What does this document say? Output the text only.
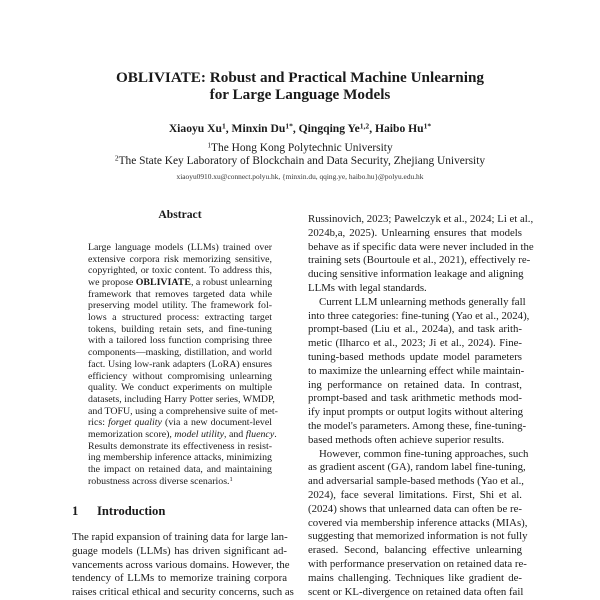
OBLIVIATE: Robust and Practical Machine Unlearning
for Large Language Models
Xiaoyu Xu$^1$, Minxin $Du^{1*}$, Qingqing Ye$^{1,2}$, Haibo $Hu^{1*}$
$^1$The Hong Kong Polytechnic University
$^2$The State Key Laboratory of Blockchain and Data Security, Zhejiang University
xiaoyu0910.xu@connect.polyu.hk, {minxin.du, qqing.ye, haibo.hu}@polyu.edu.hk
Abstract
Large language models (LLMs) trained over
extensive corpora risk memorizing sensitive,
copyrighted, or toxic content. To address this,
we propose OBLIVIATE, a robust unlearning
framework that removes targeted data while
preserving model utility. The framework fol-
lows a structured process: extracting target
tokens, building retain sets, and fine-tuning
with a tailored loss function comprising three
components—masking, distillation, and world
fact. Using low-rank adapters (LoRA) ensures
efficiency without compromising unlearning
quality. We conduct experiments on multiple
datasets, including Harry Potter series, WMDP,
and TOFU, using a comprehensive suite of met-
rics: forget quality (via a new document-level
memorization score), model utility, and fluency.
Results demonstrate its effectiveness in resist-
ing membership inference attacks, minimizing
the impact on retained data, and maintaining
robustness across diverse scenarios.$^1$
1 Introduction
The rapid expansion of training data for large lan-
guage models (LLMs) has driven significant ad-
vancements across various domains. However, the
tendency of LLMs to memorize training corpora
raises critical ethical and security concerns, such as
Russinovich, 2023; Pawelczyk et al., 2024; Li et al.,
2024b,a, 2025). Unlearning ensures that models
behave as if specific data were never included in the
training sets (Bourtoule et al., 2021), effectively re-
ducing sensitive information leakage and aligning
LLMs with legal standards.
Current LLM unlearning methods generally fall
into three categories: fine-tuning (Yao et al., 2024),
prompt-based (Liu et al., 2024a), and task arith-
metic (Ilharco et al., 2023; Ji et al., 2024). Fine-
tuning-based methods update model parameters
to maximize the unlearning effect while maintain-
ing performance on retained data. In contrast,
prompt-based and task arithmetic methods mod-
ify input prompts or output logits without altering
the model's parameters. Among these, fine-tuning-
based methods often achieve superior results.
However, common fine-tuning approaches, such
as gradient ascent (GA), random label fine-tuning,
and adversarial sample-based methods (Yao et al.,
2024), face several limitations. First, Shi et al.
(2024) shows that unlearned data can often be re-
covered via membership inference attacks (MIAs),
suggesting that memorized information is not fully
erased. Second, balancing effective unlearning
with performance preservation on retained data re-
mains challenging. Techniques like gradient de-
scent or KL-divergence on retained data often fail
